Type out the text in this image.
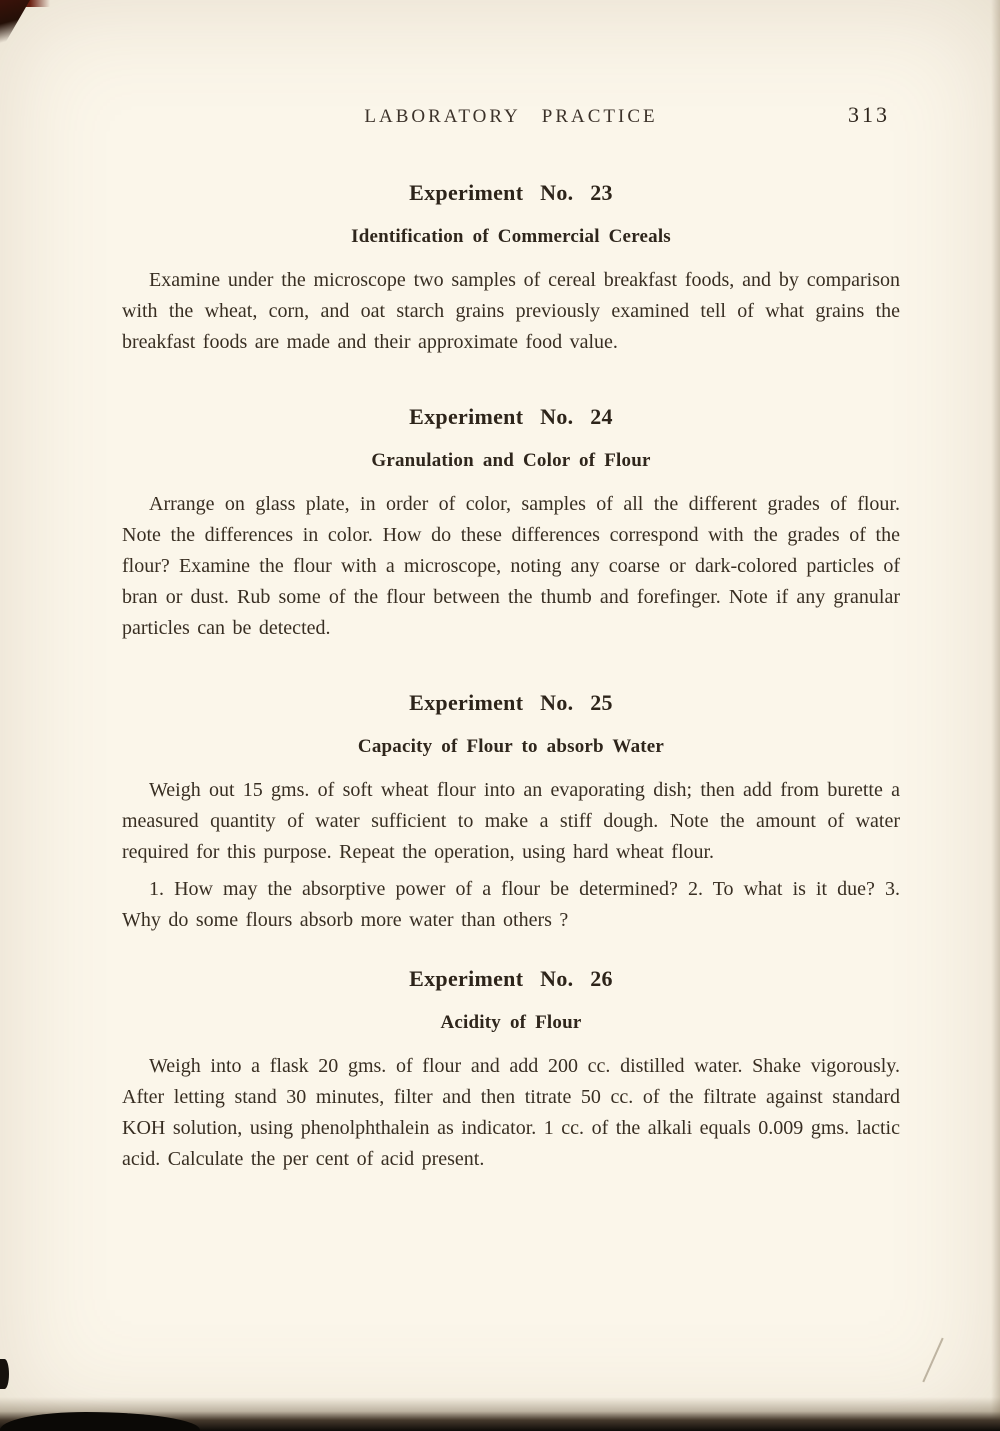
LABORATORY PRACTICE	313
Experiment No. 23
Identification of Commercial Cereals

Examine under the microscope two samples of cereal breakfast foods, and by comparison with the wheat, corn, and oat starch grains previously examined tell of what grains the breakfast foods are made and their approximate food value.

Experiment No. 24
Granulation and Color of Flour

Arrange on glass plate, in order of color, samples of all the different grades of flour. Note the differences in color. How do these differences correspond with the grades of the flour? Examine the flour with a microscope, noting any coarse or dark-colored particles of bran or dust. Rub some of the flour between the thumb and forefinger. Note if any granular particles can be detected.

Experiment No. 25
Capacity of Flour to absorb Water

Weigh out 15 gms. of soft wheat flour into an evaporating dish; then add from burette a measured quantity of water sufficient to make a stiff dough. Note the amount of water required for this purpose. Repeat the operation, using hard wheat flour.

1. How may the absorptive power of a flour be determined? 2. To what is it due? 3. Why do some flours absorb more water than others ?

Experiment No. 26
Acidity of Flour

Weigh into a flask 20 gms. of flour and add 200 cc. distilled water. Shake vigorously. After letting stand 30 minutes, filter and then titrate 50 cc. of the filtrate against standard KOH solution, using phenolphthalein as indicator. 1 cc. of the alkali equals 0.009 gms. lactic acid. Calculate the per cent of acid present.
